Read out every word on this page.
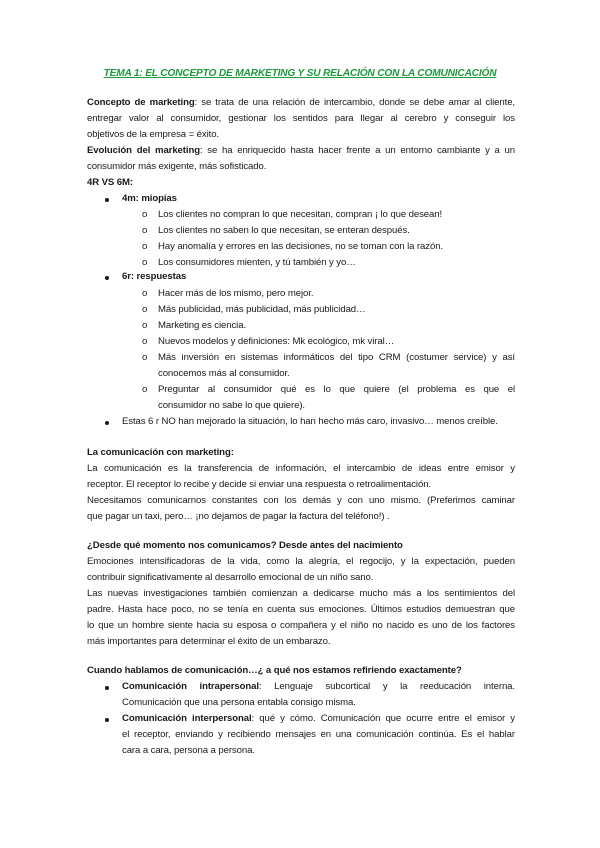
TEMA 1: EL CONCEPTO DE MARKETING Y SU RELACIÓN CON LA COMUNICACIÓN
Concepto de marketing: se trata de una relación de intercambio, donde se debe amar al cliente,
entregar valor al consumidor, gestionar los sentidos para llegar al cerebro y conseguir los
objetivos de la empresa = éxito.
Evolución del marketing: se ha enriquecido hasta hacer frente a un entorno cambiante y a un
consumidor más exigente, más sofisticado.
4R VS 6M:
4m: miopías
o Los clientes no compran lo que necesitan, compran ¡ lo que desean!
o Los clientes no saben lo que necesitan, se enteran después.
o Hay anomalía y errores en las decisiones, no se toman con la razón.
o Los consumidores mienten, y tú también y yo…
6r: respuestas
o Hacer más de los mismo, pero mejor.
o Más publicidad, más publicidad, más publicidad…
o Marketing es ciencia.
o Nuevos modelos y definiciones: Mk ecológico, mk viral…
o Más inversión en sistemas informáticos del tipo CRM (costumer service) y así
conocemos más al consumidor.
o Preguntar al consumidor qué es lo que quiere (el problema es que el
consumidor no sabe lo que quiere).
Estas 6 r NO han mejorado la situación, lo han hecho más caro, invasivo… menos creíble.
La comunicación con marketing:
La comunicación es la transferencia de información, el intercambio de ideas entre emisor y
receptor. El receptor lo recibe y decide si enviar una respuesta o retroalimentación.
Necesitamos comunicarnos constantes con los demás y con uno mismo. (Preferimos caminar
que pagar un taxi, pero… ¡no dejamos de pagar la factura del teléfono!) .
¿Desde qué momento nos comunicamos? Desde antes del nacimiento
Emociones intensificadoras de la vida, como la alegría, el regocijo, y la expectación, pueden
contribuir significativamente al desarrollo emocional de un niño sano.
Las nuevas investigaciones también comienzan a dedicarse mucho más a los sentimientos del
padre. Hasta hace poco, no se tenía en cuenta sus emociones. Últimos estudios demuestran que
lo que un hombre siente hacia su esposa o compañera y el niño no nacido es uno de los factores
más importantes para determinar el éxito de un embarazo.
Cuando hablamos de comunicación…¿ a qué nos estamos refiriendo exactamente?
Comunicación intrapersonal: Lenguaje subcortical y la reeducación interna.
Comunicación que una persona entabla consigo misma.
Comunicación interpersonal: qué y cómo. Comunicación que ocurre entre el emisor y
el receptor, enviando y recibiendo mensajes en una comunicación continúa. Es el hablar
cara a cara, persona a persona.
